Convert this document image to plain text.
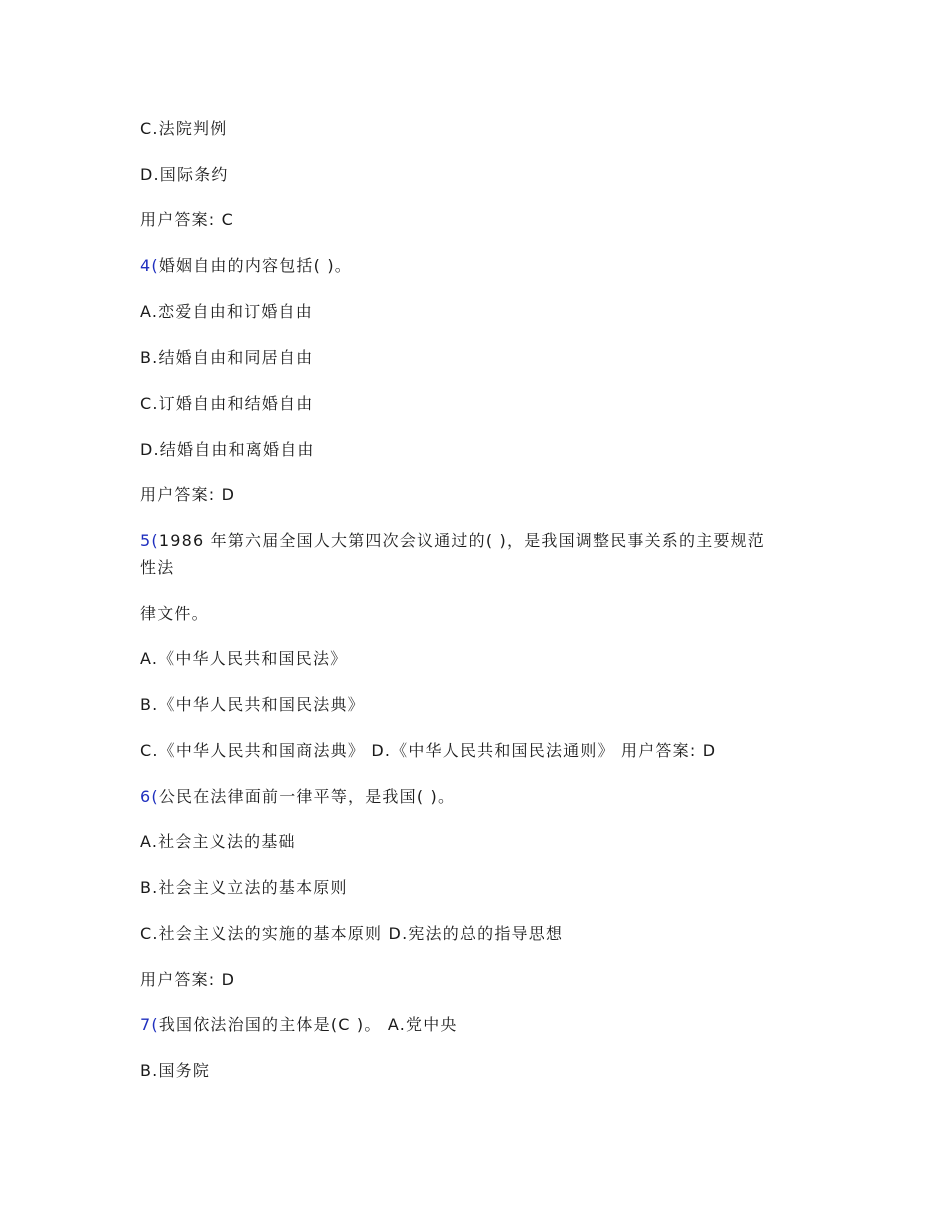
C.法院判例
D.国际条约
用户答案: C
4(婚姻自由的内容包括( )。
A.恋爱自由和订婚自由
B.结婚自由和同居自由
C.订婚自由和结婚自由
D.结婚自由和离婚自由
用户答案: D
5(1986 年第六届全国人大第四次会议通过的( )，是我国调整民事关系的主要规范
性法
律文件。
A.《中华人民共和国民法》
B.《中华人民共和国民法典》
C.《中华人民共和国商法典》 D.《中华人民共和国民法通则》 用户答案: D
6(公民在法律面前一律平等，是我国( )。
A.社会主义法的基础
B.社会主义立法的基本原则
C.社会主义法的实施的基本原则 D.宪法的总的指导思想
用户答案: D
7(我国依法治国的主体是(C )。 A.党中央
B.国务院
